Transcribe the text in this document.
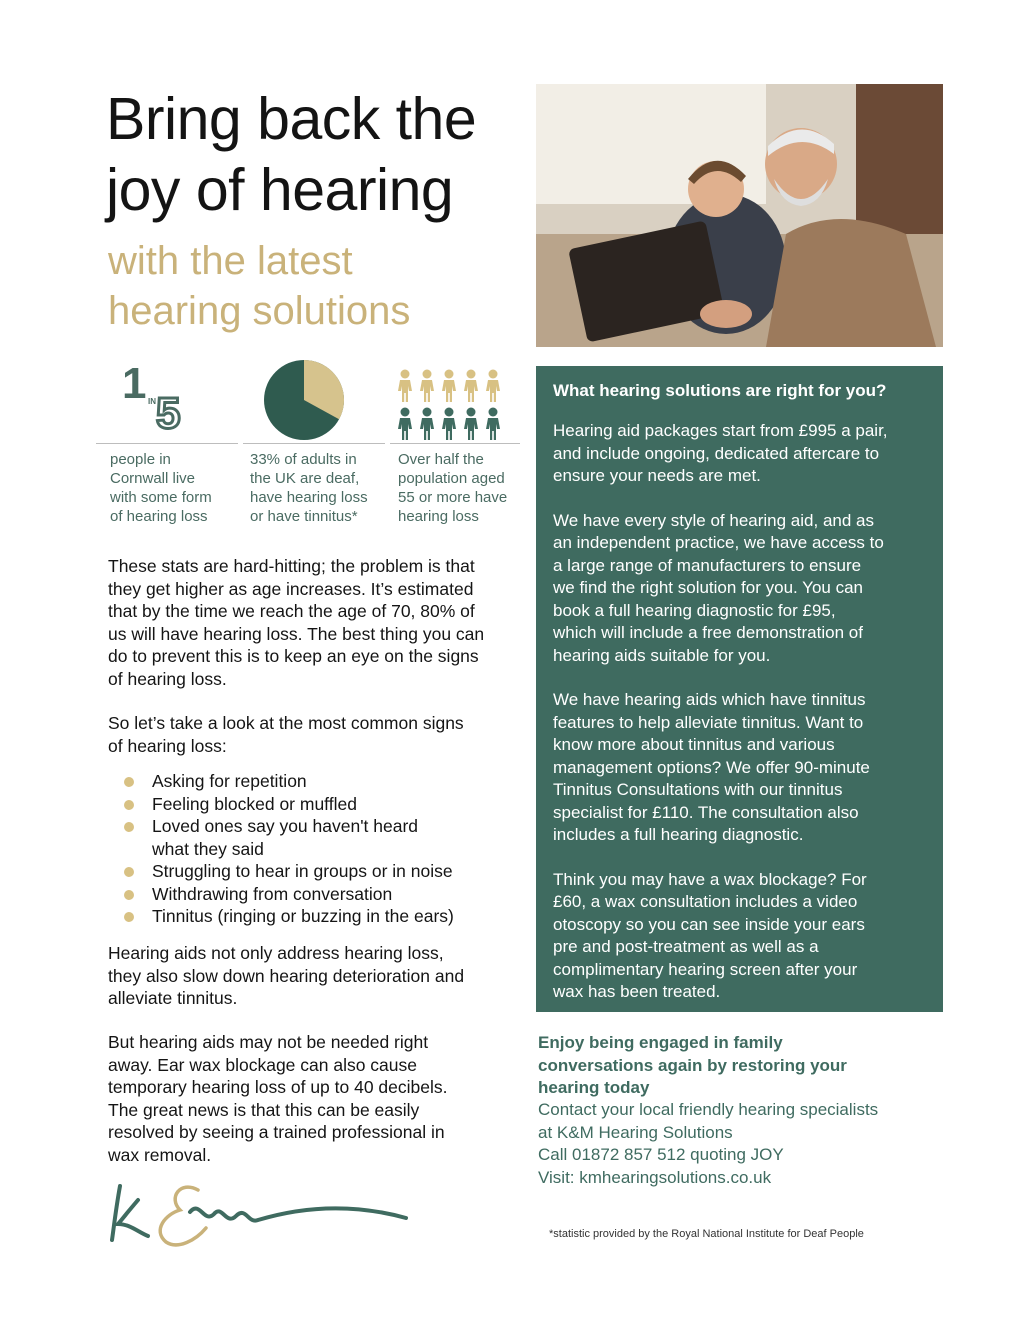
Bring back the
joy of hearing
with the latest
hearing solutions
1 IN 5
people in
Cornwall live
with some form
of hearing loss
33% of adults in
the UK are deaf,
have hearing loss
or have tinnitus*
Over half the
population aged
55 or more have
hearing loss
These stats are hard-hitting; the problem is that
they get higher as age increases. It’s estimated
that by the time we reach the age of 70, 80% of
us will have hearing loss. The best thing you can
do to prevent this is to keep an eye on the signs
of hearing loss.
So let’s take a look at the most common signs
of hearing loss:
Asking for repetition
Feeling blocked or muffled
Loved ones say you haven't heard
what they said
Struggling to hear in groups or in noise
Withdrawing from conversation
Tinnitus (ringing or buzzing in the ears)
Hearing aids not only address hearing loss,
they also slow down hearing deterioration and
alleviate tinnitus.
But hearing aids may not be needed right
away. Ear wax blockage can also cause
temporary hearing loss of up to 40 decibels.
The great news is that this can be easily
resolved by seeing a trained professional in
wax removal.
What hearing solutions are right for you?
Hearing aid packages start from £995 a pair,
and include ongoing, dedicated aftercare to
ensure your needs are met.
We have every style of hearing aid, and as
an independent practice, we have access to
a large range of manufacturers to ensure
we find the right solution for you. You can
book a full hearing diagnostic for £95,
which will include a free demonstration of
hearing aids suitable for you.
We have hearing aids which have tinnitus
features to help alleviate tinnitus. Want to
know more about tinnitus and various
management options? We offer 90-minute
Tinnitus Consultations with our tinnitus
specialist for £110. The consultation also
includes a full hearing diagnostic.
Think you may have a wax blockage? For
£60, a wax consultation includes a video
otoscopy so you can see inside your ears
pre and post-treatment as well as a
complimentary hearing screen after your
wax has been treated.
Enjoy being engaged in family
conversations again by restoring your
hearing today
Contact your local friendly hearing specialists
at K&M Hearing Solutions
Call 01872 857 512 quoting JOY
Visit: kmhearingsolutions.co.uk
*statistic provided by the Royal National Institute for Deaf People
